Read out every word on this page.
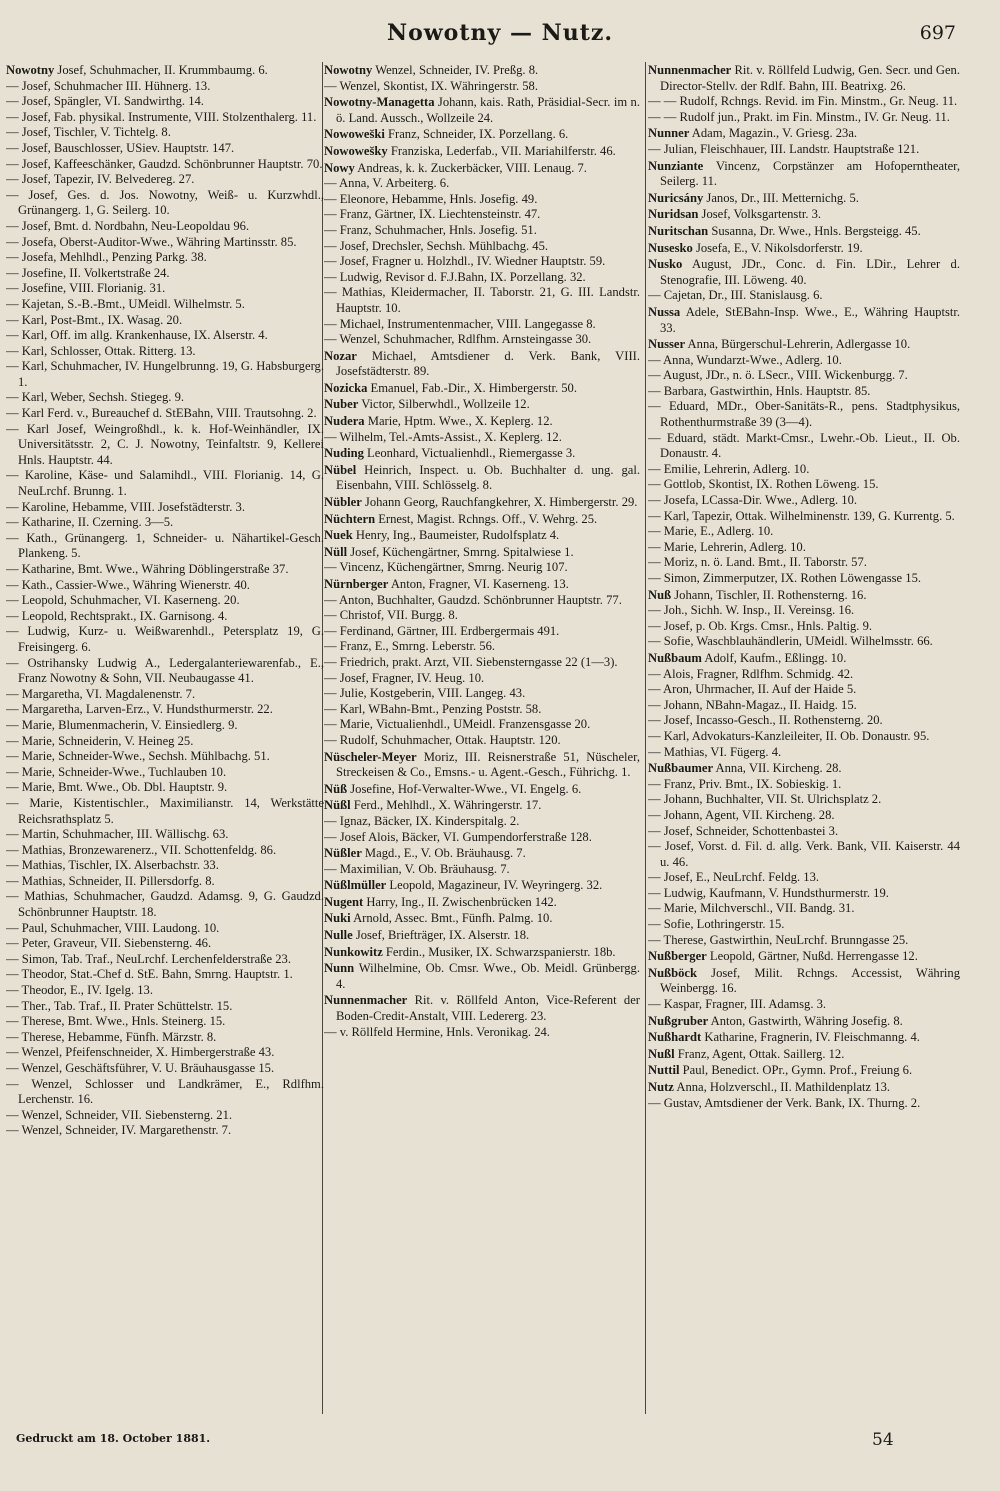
Nowotny — Nutz.	697

Nowotny Josef, Schuhmacher, II. Krummbaumg. 6.

— Josef, Schuhmacher III. Hühnerg. 13.

— Josef, Spängler, VI. Sandwirthg. 14.

— Josef, Fab. physikal. Instrumente, VIII. Stolzenthalerg. 11.

— Josef, Tischler, V. Tichtelg. 8.

— Josef, Bauschlosser, USiev. Hauptstr. 147.

— Josef, Kaffeeschänker, Gaudzd. Schönbrunner Hauptstr. 70.

— Josef, Tapezir, IV. Belvedereg. 27.

— Josef, Ges. d. Jos. Nowotny, Weiß- u. Kurzwhdl., Grünangerg. 1, G. Seilerg. 10.

— Josef, Bmt. d. Nordbahn, Neu-Leopoldau 96.

— Josefa, Oberst-Auditor-Wwe., Währing Martinsstr. 85.

— Josefa, Mehlhdl., Penzing Parkg. 38.

— Josefine, II. Volkertstraße 24.

— Josefine, VIII. Florianig. 31.

— Kajetan, S.-B.-Bmt., UMeidl. Wilhelmstr. 5.

— Karl, Post-Bmt., IX. Wasag. 20.

— Karl, Off. im allg. Krankenhause, IX. Alserstr. 4.

— Karl, Schlosser, Ottak. Ritterg. 13.

— Karl, Schuhmacher, IV. Hungelbrunng. 19, G. Habsburgerg. 1.

— Karl, Weber, Sechsh. Stiegeg. 9.

— Karl Ferd. v., Bureauchef d. StEBahn, VIII. Trautsohng. 2.

— Karl Josef, Weingroßhdl., k. k. Hof-Weinhändler, IX. Universitätsstr. 2, C. J. Nowotny, Teinfaltstr. 9, Kellerei Hnls. Hauptstr. 44.

— Karoline, Käse- und Salamihdl., VIII. Florianig. 14, G. NeuLrchf. Brunng. 1.

— Karoline, Hebamme, VIII. Josefstädterstr. 3.

— Katharine, II. Czerning. 3—5.

— Kath., Grünangerg. 1, Schneider- u. Nähartikel-Gesch. Plankeng. 5.

— Katharine, Bmt. Wwe., Währing Döblingerstraße 37.

— Kath., Cassier-Wwe., Währing Wienerstr. 40.

— Leopold, Schuhmacher, VI. Kaserneng. 20.

— Leopold, Rechtsprakt., IX. Garnisong. 4.

— Ludwig, Kurz- u. Weißwarenhdl., Petersplatz 19, G. Freisingerg. 6.

— Ostrihansky Ludwig A., Ledergalanteriewarenfab., E., Franz Nowotny & Sohn, VII. Neubaugasse 41.

— Margaretha, VI. Magdalenenstr. 7.

— Margaretha, Larven-Erz., V. Hundsthurmerstr. 22.

— Marie, Blumenmacherin, V. Einsiedlerg. 9.

— Marie, Schneiderin, V. Heineg 25.

— Marie, Schneider-Wwe., Sechsh. Mühlbachg. 51.

— Marie, Schneider-Wwe., Tuchlauben 10.

— Marie, Bmt. Wwe., Ob. Dbl. Hauptstr. 9.

— Marie, Kistentischler., Maximilianstr. 14, Werkstätte Reichsrathsplatz 5.

— Martin, Schuhmacher, III. Wällischg. 63.

— Mathias, Bronzewarenerz., VII. Schottenfeldg. 86.

— Mathias, Tischler, IX. Alserbachstr. 33.

— Mathias, Schneider, II. Pillersdorfg. 8.

— Mathias, Schuhmacher, Gaudzd. Adamsg. 9, G. Gaudzd. Schönbrunner Hauptstr. 18.

— Paul, Schuhmacher, VIII. Laudong. 10.

— Peter, Graveur, VII. Siebensterng. 46.

— Simon, Tab. Traf., NeuLrchf. Lerchenfelderstraße 23.

— Theodor, Stat.-Chef d. StE. Bahn, Smrng. Hauptstr. 1.

— Theodor, E., IV. Igelg. 13.

— Ther., Tab. Traf., II. Prater Schüttelstr. 15.

— Therese, Bmt. Wwe., Hnls. Steinerg. 15.

— Therese, Hebamme, Fünfh. Märzstr. 8.

— Wenzel, Pfeifenschneider, X. Himbergerstraße 43.

— Wenzel, Geschäftsführer, V. U. Bräuhausgasse 15.

— Wenzel, Schlosser und Landkrämer, E., Rdlfhm. Lerchenstr. 16.

— Wenzel, Schneider, VII. Siebensterng. 21.

— Wenzel, Schneider, IV. Margarethenstr. 7.

Nowotny Wenzel, Schneider, IV. Preßg. 8.

— Wenzel, Skontist, IX. Währingerstr. 58.

Nowotny-Managetta Johann, kais. Rath, Präsidial-Secr. im n. ö. Land. Aussch., Wollzeile 24.

Nowowes̆ki Franz, Schneider, IX. Porzellang. 6.

Nowowes̆ky Franziska, Lederfab., VII. Mariahilferstr. 46.

Nowy Andreas, k. k. Zuckerbäcker, VIII. Lenaug. 7.

— Anna, V. Arbeiterg. 6.

— Eleonore, Hebamme, Hnls. Josefig. 49.

— Franz, Gärtner, IX. Liechtensteinstr. 47.

— Franz, Schuhmacher, Hnls. Josefig. 51.

— Josef, Drechsler, Sechsh. Mühlbachg. 45.

— Josef, Fragner u. Holzhdl., IV. Wiedner Hauptstr. 59.

— Ludwig, Revisor d. F.J.Bahn, IX. Porzellang. 32.

— Mathias, Kleidermacher, II. Taborstr. 21, G. III. Landstr. Hauptstr. 10.

— Michael, Instrumentenmacher, VIII. Langegasse 8.

— Wenzel, Schuhmacher, Rdlfhm. Arnsteingasse 30.

Nozar Michael, Amtsdiener d. Verk. Bank, VIII. Josefstädterstr. 89.

Nozicka Emanuel, Fab.-Dir., X. Himbergerstr. 50.

Nuber Victor, Silberwhdl., Wollzeile 12.

Nudera Marie, Hptm. Wwe., X. Keplerg. 12.

— Wilhelm, Tel.-Amts-Assist., X. Keplerg. 12.

Nuding Leonhard, Victualienhdl., Riemergasse 3.

Nübel Heinrich, Inspect. u. Ob. Buchhalter d. ung. gal. Eisenbahn, VIII. Schlösselg. 8.

Nübler Johann Georg, Rauchfangkehrer, X. Himbergerstr. 29.

Nüchtern Ernest, Magist. Rchngs. Off., V. Wehrg. 25.

Nuek Henry, Ing., Baumeister, Rudolfsplatz 4.

Nüll Josef, Küchengärtner, Smrng. Spitalwiese 1.

— Vincenz, Küchengärtner, Smrng. Neurig 107.

Nürnberger Anton, Fragner, VI. Kaserneng. 13.

— Anton, Buchhalter, Gaudzd. Schönbrunner Hauptstr. 77.

— Christof, VII. Burgg. 8.

— Ferdinand, Gärtner, III. Erdbergermais 491.

— Franz, E., Smrng. Leberstr. 56.

— Friedrich, prakt. Arzt, VII. Siebensterngasse 22 (1—3).

— Josef, Fragner, IV. Heug. 10.

— Julie, Kostgeberin, VIII. Langeg. 43.

— Karl, WBahn-Bmt., Penzing Poststr. 58.

— Marie, Victualienhdl., UMeidl. Franzensgasse 20.

— Rudolf, Schuhmacher, Ottak. Hauptstr. 120.

Nüscheler-Meyer Moriz, III. Reisnerstraße 51, Nüscheler, Streckeisen & Co., Emsns.- u. Agent.-Gesch., Führichg. 1.

Nüß Josefine, Hof-Verwalter-Wwe., VI. Engelg. 6.

Nüßl Ferd., Mehlhdl., X. Währingerstr. 17.

— Ignaz, Bäcker, IX. Kinderspitalg. 2.

— Josef Alois, Bäcker, VI. Gumpendorferstraße 128.

Nüßler Magd., E., V. Ob. Bräuhausg. 7.

— Maximilian, V. Ob. Bräuhausg. 7.

Nüßlmüller Leopold, Magazineur, IV. Weyringerg. 32.

Nugent Harry, Ing., II. Zwischenbrücken 142.

Nuki Arnold, Assec. Bmt., Fünfh. Palmg. 10.

Nulle Josef, Briefträger, IX. Alserstr. 18.

Nunkowitz Ferdin., Musiker, IX. Schwarzspanierstr. 18b.

Nunn Wilhelmine, Ob. Cmsr. Wwe., Ob. Meidl. Grünbergg. 4.

Nunnenmacher Rit. v. Röllfeld Anton, Vice-Referent der Boden-Credit-Anstalt, VIII. Ledererg. 23.

— v. Röllfeld Hermine, Hnls. Veronikag. 24.

Nunnenmacher Rit. v. Röllfeld Ludwig, Gen. Secr. und Gen. Director-Stellv. der Rdlf. Bahn, III. Beatrixg. 26.

— — Rudolf, Rchngs. Revid. im Fin. Minstm., Gr. Neug. 11.

— — Rudolf jun., Prakt. im Fin. Minstm., IV. Gr. Neug. 11.

Nunner Adam, Magazin., V. Griesg. 23a.

— Julian, Fleischhauer, III. Landstr. Hauptstraße 121.

Nunziante Vincenz, Corpstänzer am Hofoperntheater, Seilerg. 11.

Nuricsány Janos, Dr., III. Metternichg. 5.

Nuridsan Josef, Volksgartenstr. 3.

Nuritschan Susanna, Dr. Wwe., Hnls. Bergsteigg. 45.

Nusesko Josefa, E., V. Nikolsdorferstr. 19.

Nusko August, JDr., Conc. d. Fin. LDir., Lehrer d. Stenografie, III. Löweng. 40.

— Cajetan, Dr., III. Stanislausg. 6.

Nussa Adele, StEBahn-Insp. Wwe., E., Währing Hauptstr. 33.

Nusser Anna, Bürgerschul-Lehrerin, Adlergasse 10.

— Anna, Wundarzt-Wwe., Adlerg. 10.

— August, JDr., n. ö. LSecr., VIII. Wickenburgg. 7.

— Barbara, Gastwirthin, Hnls. Hauptstr. 85.

— Eduard, MDr., Ober-Sanitäts-R., pens. Stadtphysikus, Rothenthurmstraße 39 (3—4).

— Eduard, städt. Markt-Cmsr., Lwehr.-Ob. Lieut., II. Ob. Donaustr. 4.

— Emilie, Lehrerin, Adlerg. 10.

— Gottlob, Skontist, IX. Rothen Löweng. 15.

— Josefa, LCassa-Dir. Wwe., Adlerg. 10.

— Karl, Tapezir, Ottak. Wilhelminenstr. 139, G. Kurrentg. 5.

— Marie, E., Adlerg. 10.

— Marie, Lehrerin, Adlerg. 10.

— Moriz, n. ö. Land. Bmt., II. Taborstr. 57.

— Simon, Zimmerputzer, IX. Rothen Löwengasse 15.

Nuß Johann, Tischler, II. Rothensterng. 16.

— Joh., Sichh. W. Insp., II. Vereinsg. 16.

— Josef, p. Ob. Krgs. Cmsr., Hnls. Paltig. 9.

— Sofie, Waschblauhändlerin, UMeidl. Wilhelmsstr. 66.

Nußbaum Adolf, Kaufm., Eßlingg. 10.

— Alois, Fragner, Rdlfhm. Schmidg. 42.

— Aron, Uhrmacher, II. Auf der Haide 5.

— Johann, NBahn-Magaz., II. Haidg. 15.

— Josef, Incasso-Gesch., II. Rothensterng. 20.

— Karl, Advokaturs-Kanzleileiter, II. Ob. Donaustr. 95.

— Mathias, VI. Fügerg. 4.

Nußbaumer Anna, VII. Kircheng. 28.

— Franz, Priv. Bmt., IX. Sobieskig. 1.

— Johann, Buchhalter, VII. St. Ulrichsplatz 2.

— Johann, Agent, VII. Kircheng. 28.

— Josef, Schneider, Schottenbastei 3.

— Josef, Vorst. d. Fil. d. allg. Verk. Bank, VII. Kaiserstr. 44 u. 46.

— Josef, E., NeuLrchf. Feldg. 13.

— Ludwig, Kaufmann, V. Hundsthurmerstr. 19.

— Marie, Milchverschl., VII. Bandg. 31.

— Sofie, Lothringerstr. 15.

— Therese, Gastwirthin, NeuLrchf. Brunngasse 25.

Nußberger Leopold, Gärtner, Nußd. Herrengasse 12.

Nußböck Josef, Milit. Rchngs. Accessist, Währing Weinbergg. 16.

— Kaspar, Fragner, III. Adamsg. 3.

Nußgruber Anton, Gastwirth, Währing Josefig. 8.

Nußhardt Katharine, Fragnerin, IV. Fleischmanng. 4.

Nußl Franz, Agent, Ottak. Saillerg. 12.

Nuttil Paul, Benedict. OPr., Gymn. Prof., Freiung 6.

Nutz Anna, Holzverschl., II. Mathildenplatz 13.

— Gustav, Amtsdiener der Verk. Bank, IX. Thurng. 2.

Gedruckt am 18. October 1881.	54
